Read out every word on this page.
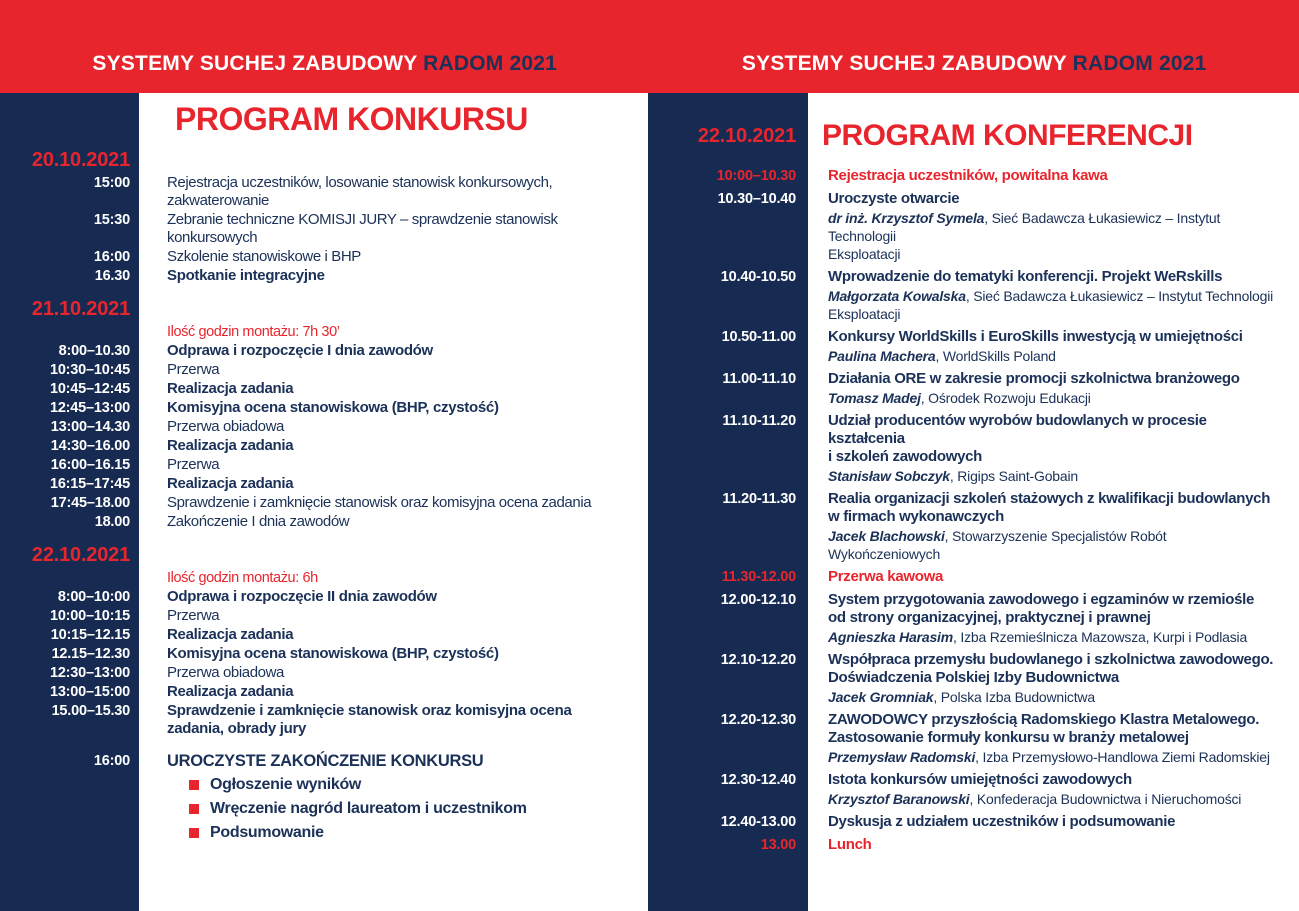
SYSTEMY SUCHEJ ZABUDOWY RADOM 2021	SYSTEMY SUCHEJ ZABUDOWY RADOM 2021
PROGRAM KONKURSU
20.10.2021
15:00	Rejestracja uczestników, losowanie stanowisk konkursowych,
zakwaterowanie
15:30	Zebranie techniczne KOMISJI JURY – sprawdzenie stanowisk konkursowych
16:00	Szkolenie stanowiskowe i BHP
16.30	Spotkanie integracyjne
21.10.2021
Ilość godzin montażu: 7h 30’
8:00–10.30	Odprawa i rozpoczęcie I dnia zawodów
10:30–10:45	Przerwa
10:45–12:45	Realizacja zadania
12:45–13:00	Komisyjna ocena stanowiskowa (BHP, czystość)
13:00–14.30	Przerwa obiadowa
14:30–16.00	Realizacja zadania
16:00–16.15	Przerwa
16:15–17:45	Realizacja zadania
17:45–18.00	Sprawdzenie i zamknięcie stanowisk oraz komisyjna ocena zadania
18.00	Zakończenie I dnia zawodów
22.10.2021
Ilość godzin montażu: 6h
8:00–10:00	Odprawa i rozpoczęcie II dnia zawodów
10:00–10:15	Przerwa
10:15–12.15	Realizacja zadania
12.15–12.30	Komisyjna ocena stanowiskowa (BHP, czystość)
12:30–13:00	Przerwa obiadowa
13:00–15:00	Realizacja zadania
15.00–15.30	Sprawdzenie i zamknięcie stanowisk oraz komisyjna ocena
zadania, obrady jury
16:00	UROCZYSTE ZAKOŃCZENIE KONKURSU
Ogłoszenie wyników
Wręczenie nagród laureatom i uczestnikom
Podsumowanie
22.10.2021 PROGRAM KONFERENCJI
10:00–10.30	Rejestracja uczestników, powitalna kawa
10.30–10.40	Uroczyste otwarcie
dr inż. Krzysztof Symela, Sieć Badawcza Łukasiewicz – Instytut Technologii
Eksploatacji
10.40-10.50	Wprowadzenie do tematyki konferencji. Projekt WeRskills
Małgorzata Kowalska, Sieć Badawcza Łukasiewicz – Instytut Technologii
Eksploatacji
10.50-11.00	Konkursy WorldSkills i EuroSkills inwestycją w umiejętności
Paulina Machera, WorldSkills Poland
11.00-11.10	Działania ORE w zakresie promocji szkolnictwa branżowego
Tomasz Madej, Ośrodek Rozwoju Edukacji
11.10-11.20	Udział producentów wyrobów budowlanych w procesie kształcenia
i szkoleń zawodowych
Stanisław Sobczyk, Rigips Saint-Gobain
11.20-11.30	Realia organizacji szkoleń stażowych z kwalifikacji budowlanych
w firmach wykonawczych
Jacek Blachowski, Stowarzyszenie Specjalistów Robót Wykończeniowych
11.30-12.00	Przerwa kawowa
12.00-12.10	System przygotowania zawodowego i egzaminów w rzemiośle
od strony organizacyjnej, praktycznej i prawnej
Agnieszka Harasim, Izba Rzemieślnicza Mazowsza, Kurpi i Podlasia
12.10-12.20	Współpraca przemysłu budowlanego i szkolnictwa zawodowego.
Doświadczenia Polskiej Izby Budownictwa
Jacek Gromniak, Polska Izba Budownictwa
12.20-12.30	ZAWODOWCY przyszłością Radomskiego Klastra Metalowego.
Zastosowanie formuły konkursu w branży metalowej
Przemysław Radomski, Izba Przemysłowo-Handlowa Ziemi Radomskiej
12.30-12.40	Istota konkursów umiejętności zawodowych
Krzysztof Baranowski, Konfederacja Budownictwa i Nieruchomości
12.40-13.00	Dyskusja z udziałem uczestników i podsumowanie
13.00	Lunch
